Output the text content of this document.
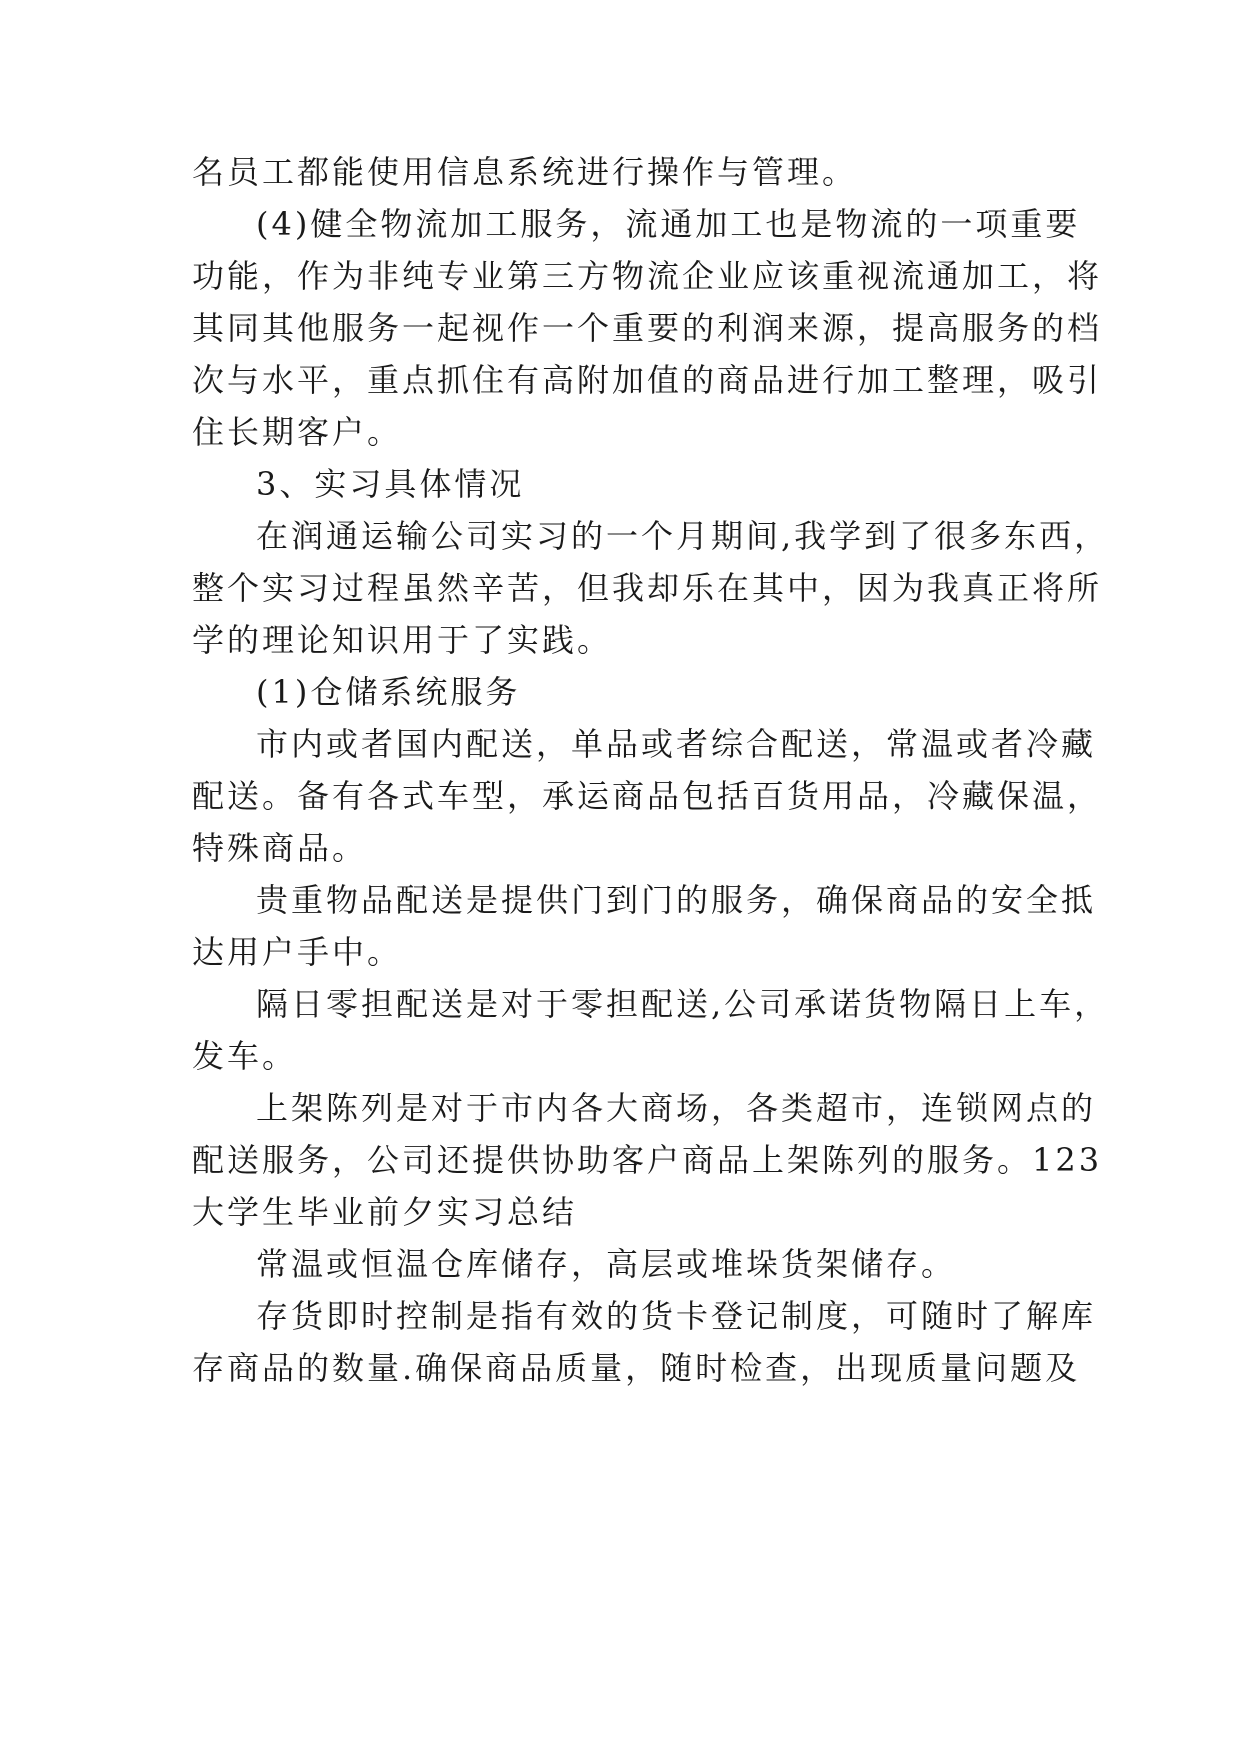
名员工都能使用信息系统进行操作与管理。
(4)健全物流加工服务，流通加工也是物流的一项重要
功能，作为非纯专业第三方物流企业应该重视流通加工，将
其同其他服务一起视作一个重要的利润来源，提高服务的档
次与水平，重点抓住有高附加值的商品进行加工整理，吸引
住长期客户。
3、实习具体情况
在润通运输公司实习的一个月期间,我学到了很多东西，
整个实习过程虽然辛苦，但我却乐在其中，因为我真正将所
学的理论知识用于了实践。
(1)仓储系统服务
市内或者国内配送，单品或者综合配送，常温或者冷藏
配送。备有各式车型，承运商品包括百货用品，冷藏保温，
特殊商品。
贵重物品配送是提供门到门的服务，确保商品的安全抵
达用户手中。
隔日零担配送是对于零担配送,公司承诺货物隔日上车，
发车。
上架陈列是对于市内各大商场，各类超市，连锁网点的
配送服务，公司还提供协助客户商品上架陈列的服务。123
大学生毕业前夕实习总结
常温或恒温仓库储存，高层或堆垛货架储存。
存货即时控制是指有效的货卡登记制度，可随时了解库
存商品的数量.确保商品质量，随时检查，出现质量问题及
